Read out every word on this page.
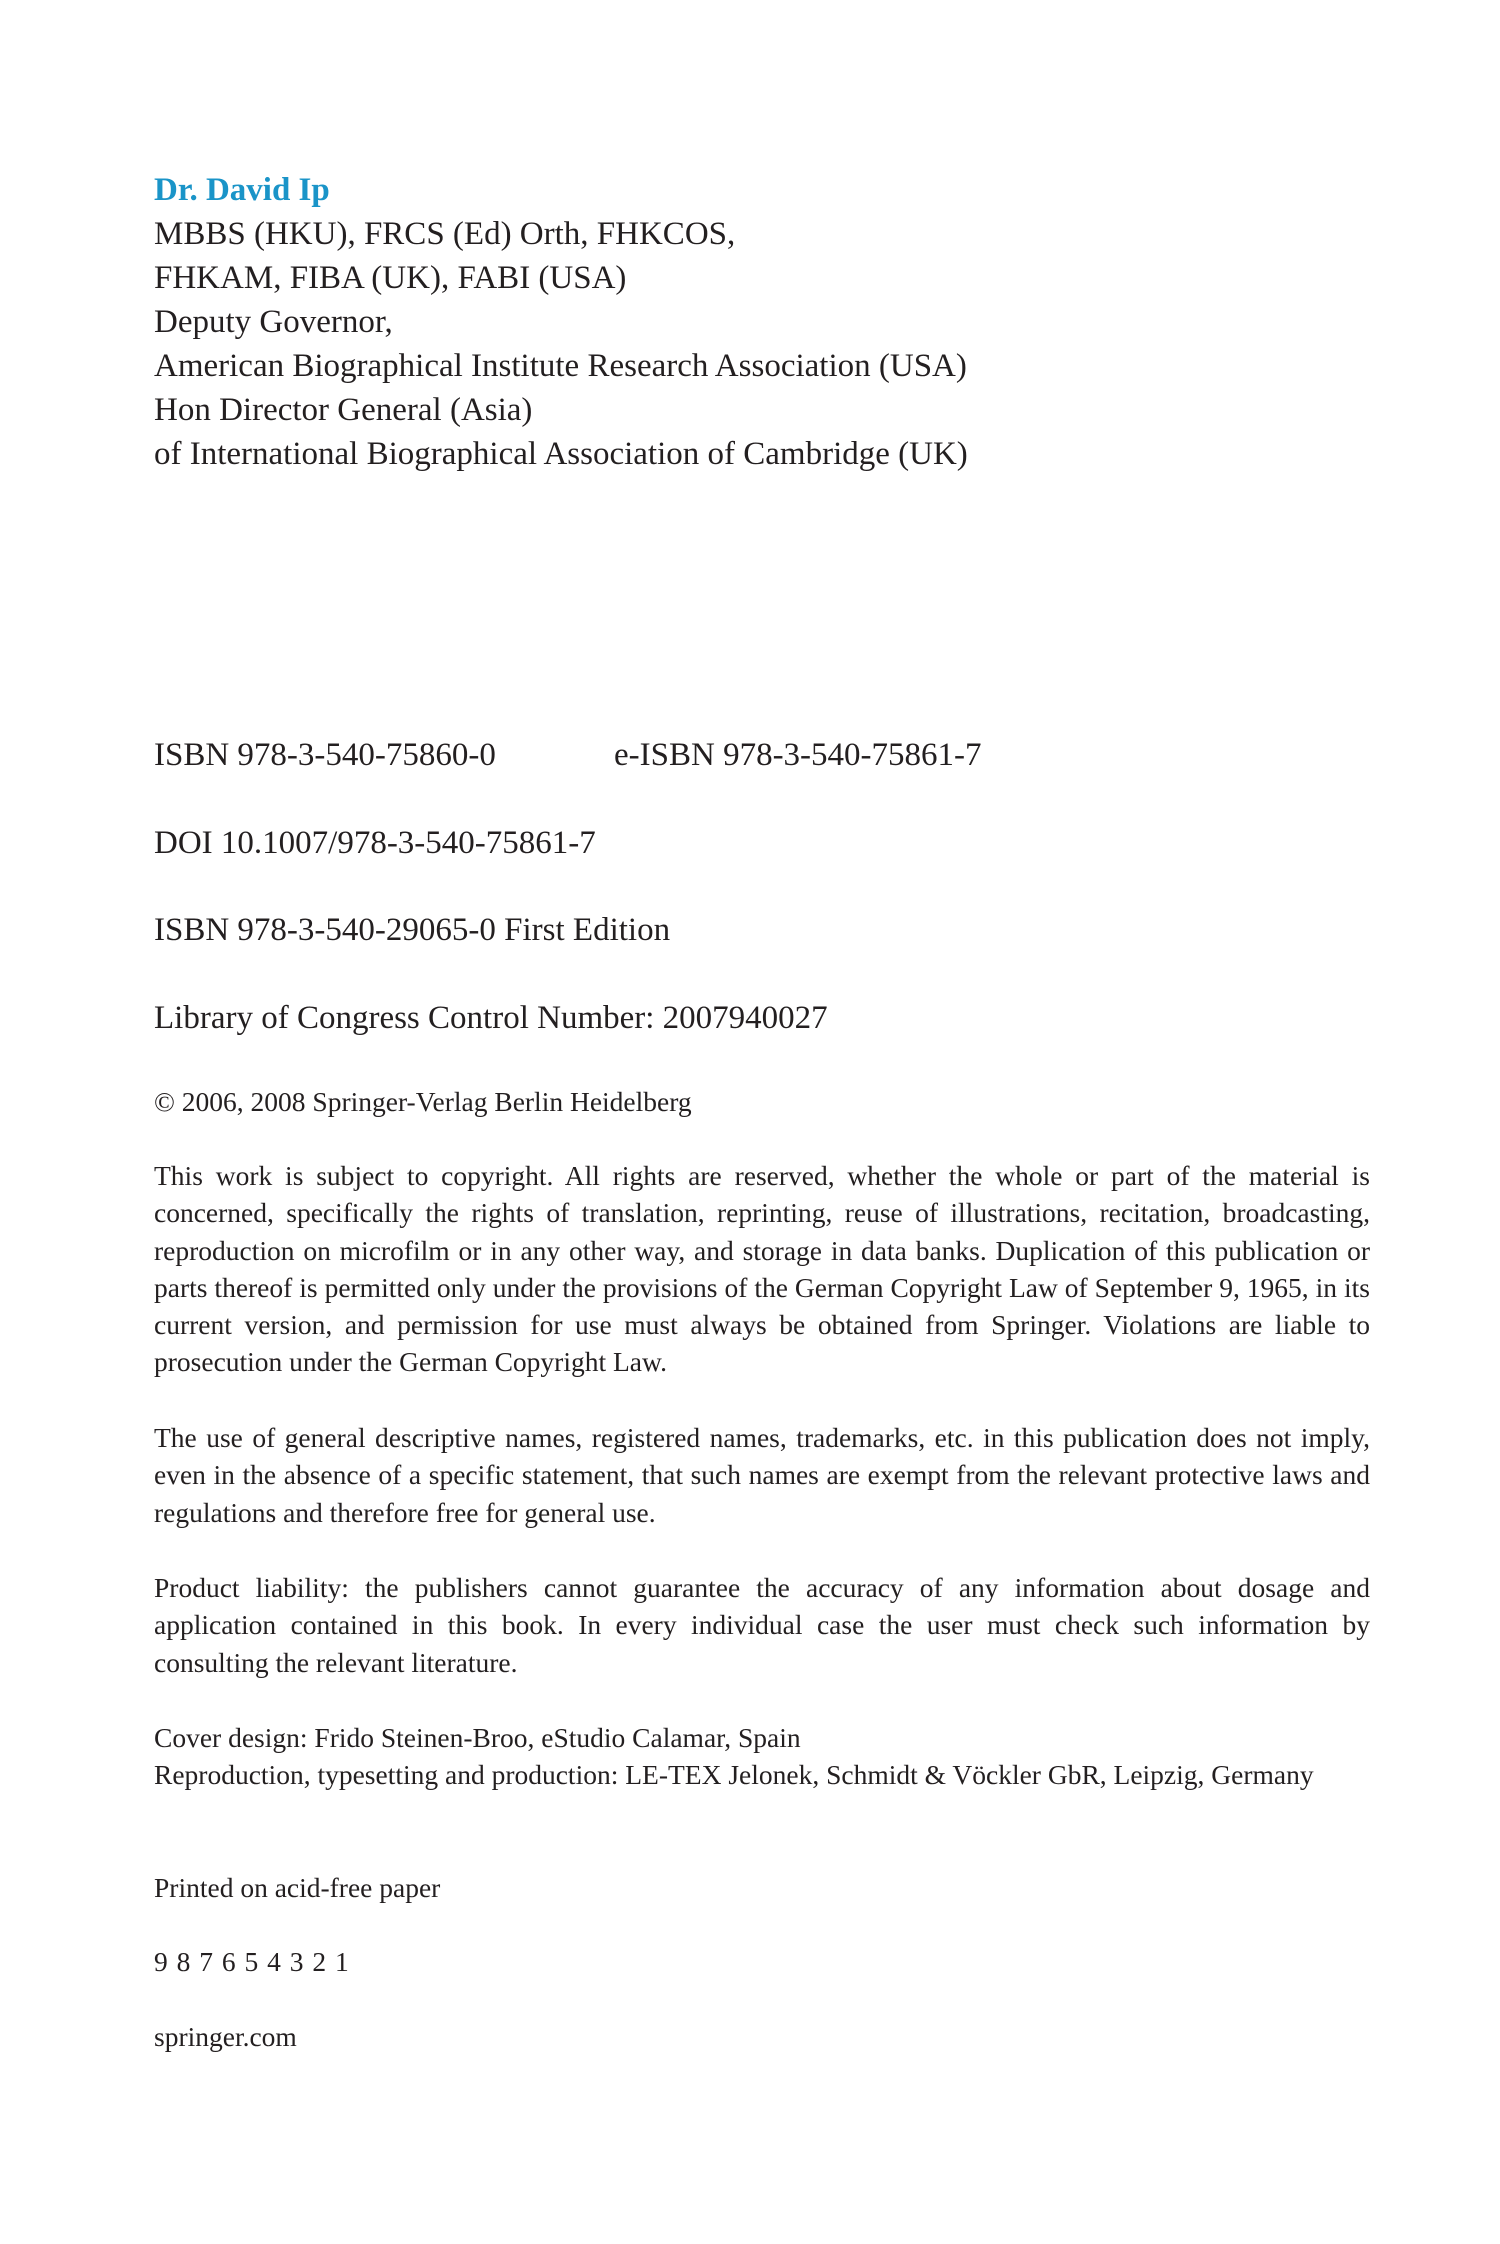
Dr. David Ip
MBBS (HKU), FRCS (Ed) Orth, FHKCOS,
FHKAM, FIBA (UK), FABI (USA)
Deputy Governor,
American Biographical Institute Research Association (USA)
Hon Director General (Asia)
of International Biographical Association of Cambridge (UK)
ISBN 978-3-540-75860-0	e-ISBN 978-3-540-75861-7
DOI 10.1007/978-3-540-75861-7
ISBN 978-3-540-29065-0 First Edition
Library of Congress Control Number: 2007940027
© 2006, 2008 Springer-Verlag Berlin Heidelberg
This work is subject to copyright. All rights are reserved, whether the whole or part of the material is concerned, specifically the rights of translation, reprinting, reuse of illustrations, recitation, broadcasting, reproduction on microfilm or in any other way, and storage in data banks. Duplication of this publication or parts thereof is permitted only under the provisions of the German Copyright Law of September 9, 1965, in its current version, and permission for use must always be obtained from Springer. Violations are liable to prosecution under the German Copyright Law.
The use of general descriptive names, registered names, trademarks, etc. in this publication does not imply, even in the absence of a specific statement, that such names are exempt from the relevant protective laws and regulations and therefore free for general use.
Product liability: the publishers cannot guarantee the accuracy of any information about dosage and application contained in this book. In every individual case the user must check such information by consulting the relevant literature.
Cover design: Frido Steinen-Broo, eStudio Calamar, Spain
Reproduction, typesetting and production: LE-TEX Jelonek, Schmidt & Vöckler GbR, Leipzig, Germany
Printed on acid-free paper
9 8 7 6 5 4 3 2 1
springer.com
